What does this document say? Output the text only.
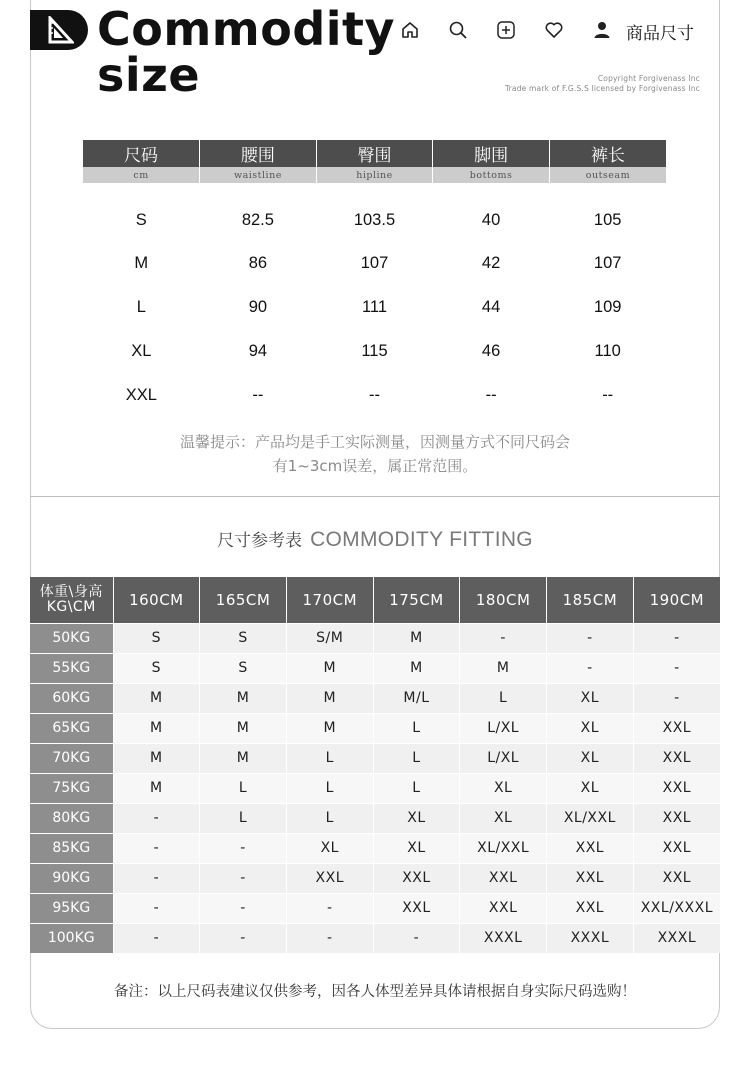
Commodity
size
商品尺寸
Copyright Forgivenass Inc
Trade mark of F.G.S.S licensed by Forgivenass Inc
尺码	腰围	臀围	脚围	裤长
cm	waistline	hipline	bottoms	outseam
S	82.5	103.5	40	105
M	86	107	42	107
L	90	111	44	109
XL	94	115	46	110
XXL	--	--	--	--
温馨提示：产品均是手工实际测量，因测量方式不同尺码会
有1~3cm误差，属正常范围。
尺寸参考表 COMMODITY FITTING
体重\身高
KG\CM	160CM	165CM	170CM	175CM	180CM	185CM	190CM
50KG	S	S	S/M	M	-	-	-
55KG	S	S	M	M	M	-	-
60KG	M	M	M	M/L	L	XL	-
65KG	M	M	M	L	L/XL	XL	XXL
70KG	M	M	L	L	L/XL	XL	XXL
75KG	M	L	L	L	XL	XL	XXL
80KG	-	L	L	XL	XL	XL/XXL	XXL
85KG	-	-	XL	XL	XL/XXL	XXL	XXL
90KG	-	-	XXL	XXL	XXL	XXL	XXL
95KG	-	-	-	XXL	XXL	XXL	XXL/XXXL
100KG	-	-	-	-	XXXL	XXXL	XXXL
备注：以上尺码表建议仅供参考，因各人体型差异具体请根据自身实际尺码选购！
